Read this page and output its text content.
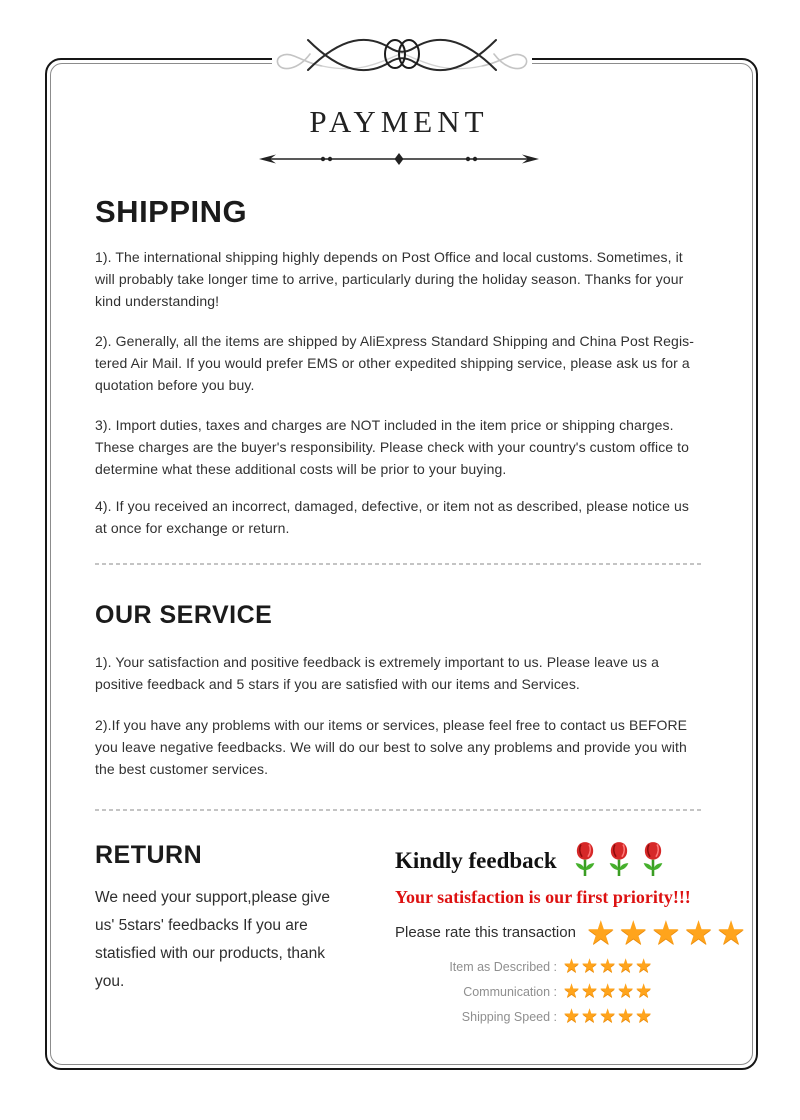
PAYMENT
SHIPPING

1). The international shipping highly depends on Post Office and local customs. Sometimes, it will probably take longer time to arrive, particularly during the holiday season. Thanks for your kind understanding!

2). Generally, all the items are shipped by AliExpress Standard Shipping and China Post Regis-tered Air Mail. If you would prefer EMS or other expedited shipping service, please ask us for a quotation before you buy.

3). Import duties, taxes and charges are NOT included in the item price or shipping charges. These charges are the buyer's responsibility. Please check with your country's custom office to determine what these additional costs will be prior to your buying.

4). If you received an incorrect, damaged, defective, or item not as described, please notice us at once for exchange or return.

OUR SERVICE

1). Your satisfaction and positive feedback is extremely important to us. Please leave us a positive feedback and 5 stars if you are satisfied with our items and Services.

2).If you have any problems with our items or services, please feel free to contact us BEFORE you leave negative feedbacks. We will do our best to solve any problems and provide you with the best customer services.

RETURN

We need your support,please give us' 5stars' feedbacks If you are statisfied with our products, thank you.

Kindly feedback
Your satisfaction is our first priority!!!
Please rate this transaction ★★★★★
Item as Described : ★★★★★
Communication : ★★★★★
Shipping Speed : ★★★★★
